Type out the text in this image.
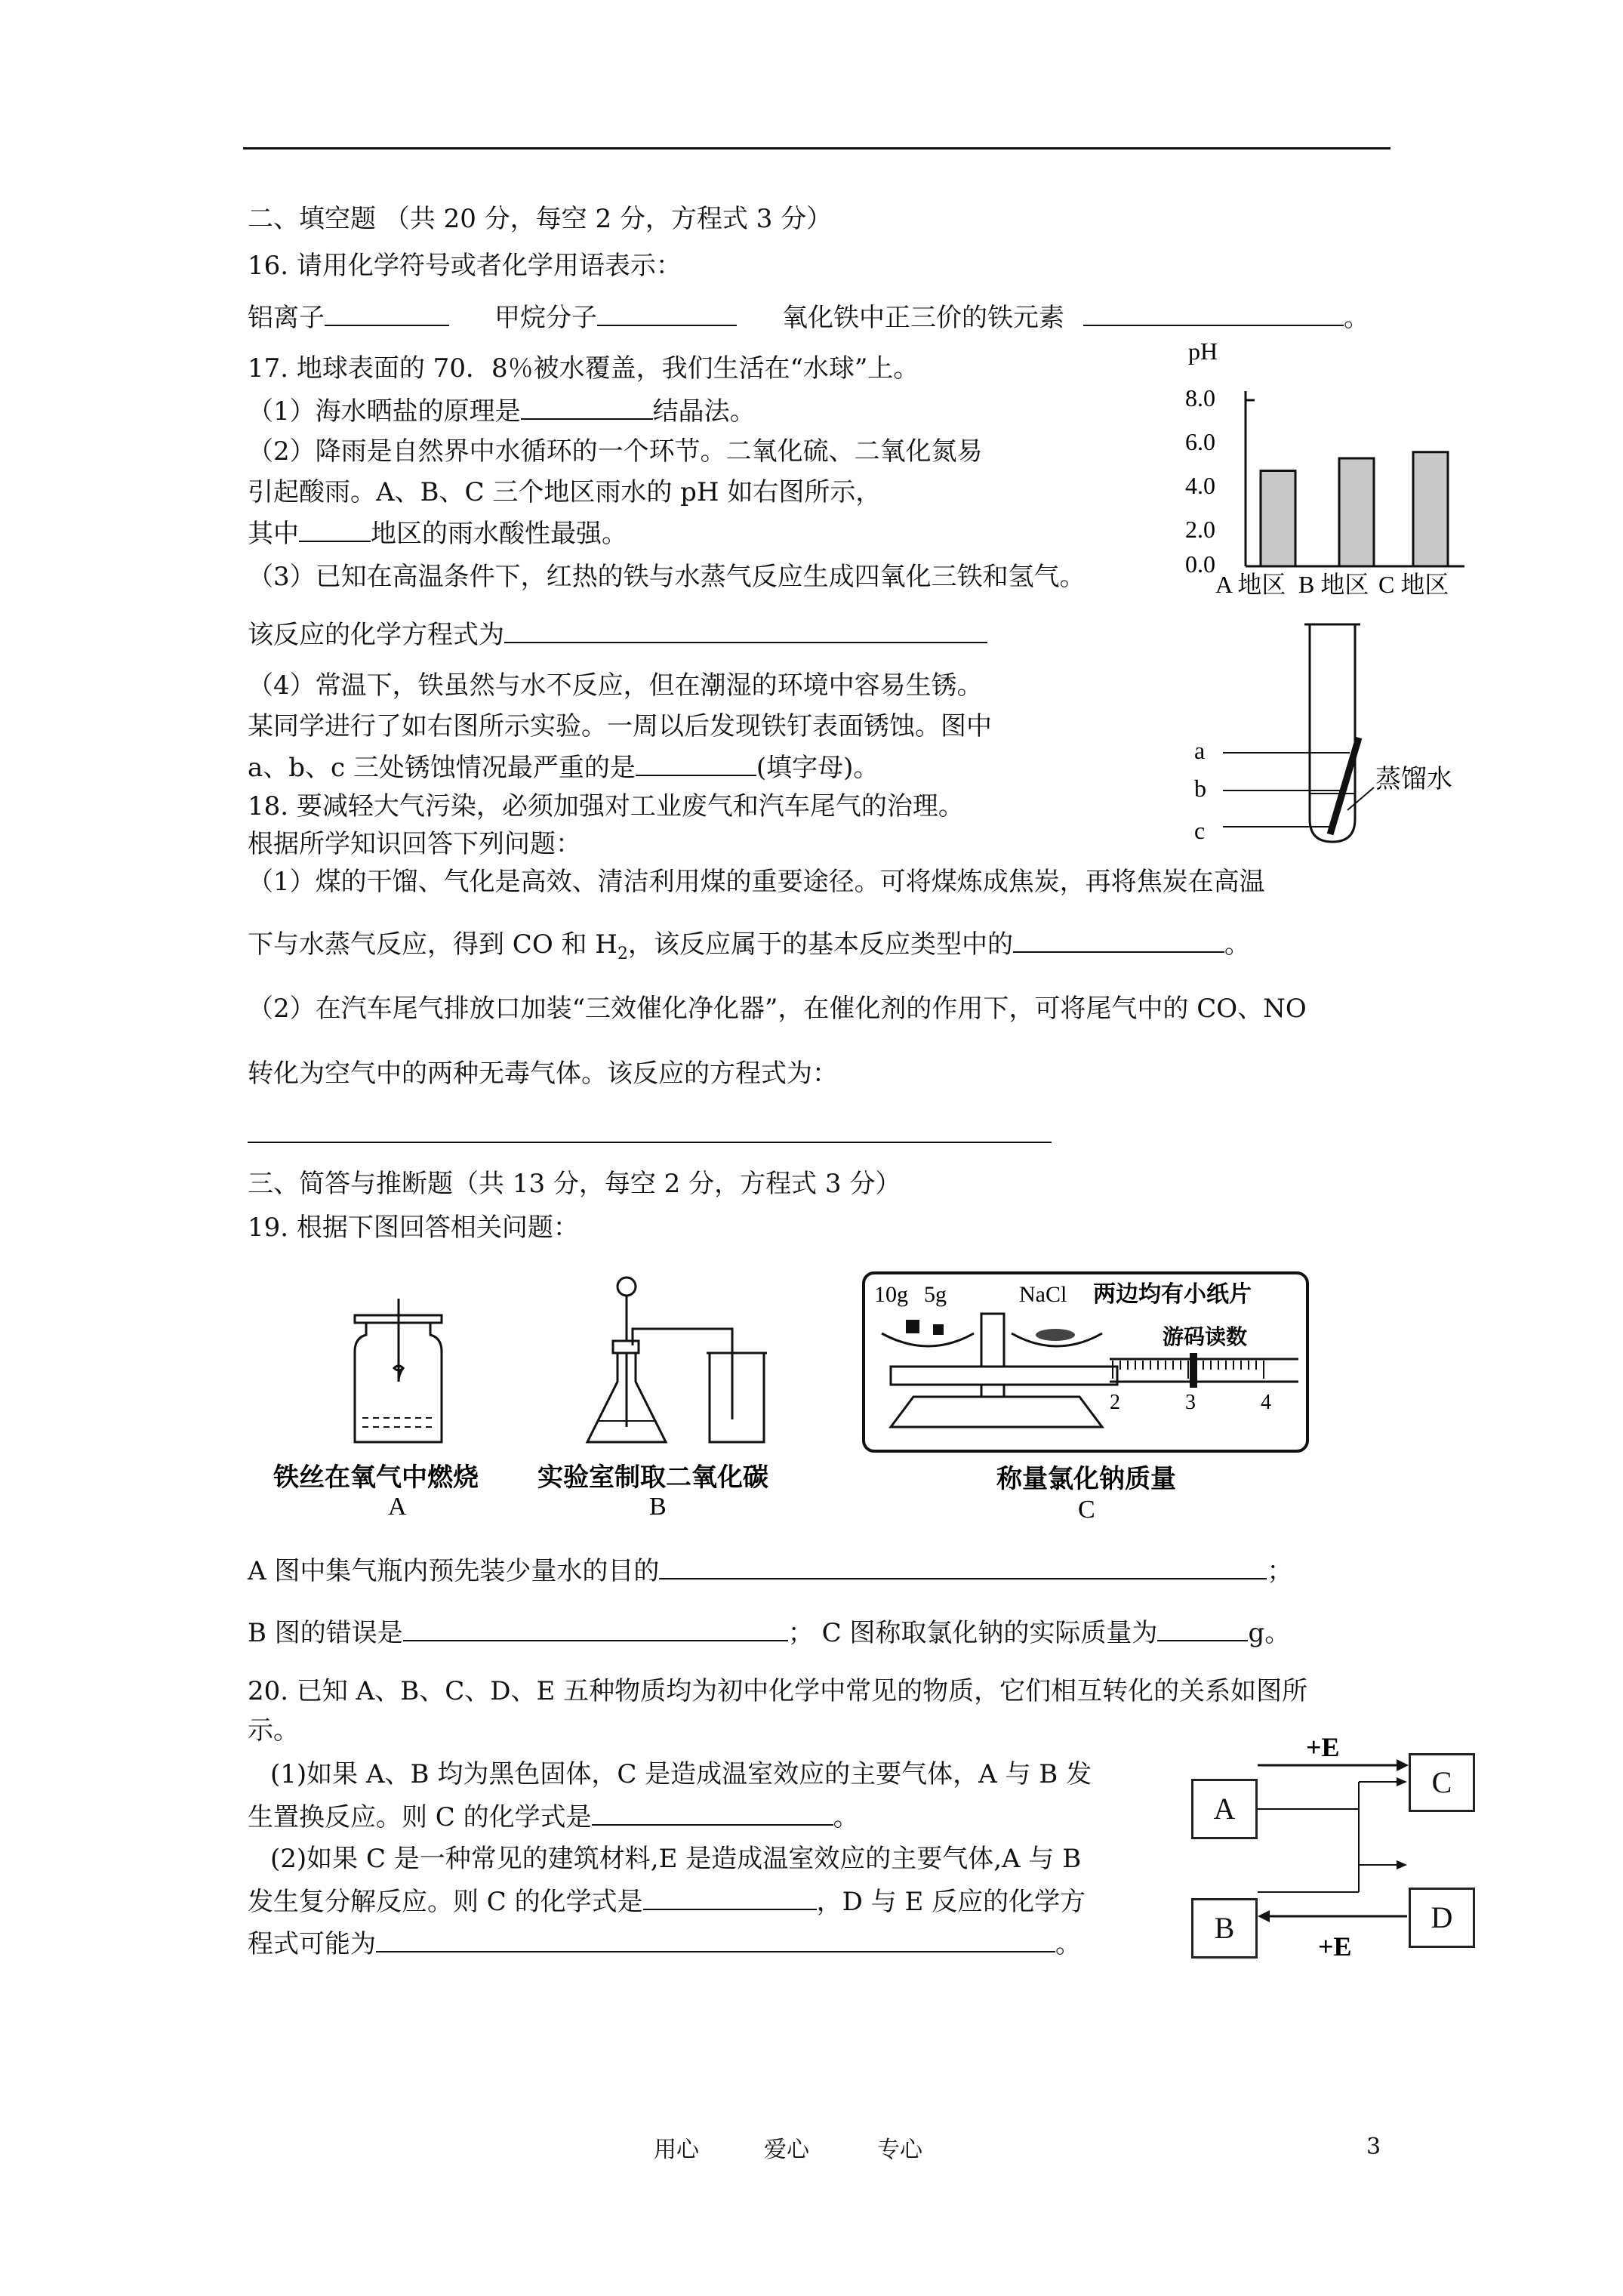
二、填空题 （共 20 分，每空 2 分，方程式 3 分）
16. 请用化学符号或者化学用语表示：
铝离子	甲烷分子	氧化铁中正三价的铁元素	。
17. 地球表面的 70．8％被水覆盖，我们生活在“水球”上。
（1）海水晒盐的原理是	结晶法。
（2）降雨是自然界中水循环的一个环节。二氧化硫、二氧化氮易
引起酸雨。A、B、C 三个地区雨水的 pH 如右图所示，
其中	地区的雨水酸性最强。
（3）已知在高温条件下，红热的铁与水蒸气反应生成四氧化三铁和氢气。
该反应的化学方程式为
（4）常温下，铁虽然与水不反应，但在潮湿的环境中容易生锈。
某同学进行了如右图所示实验。一周以后发现铁钉表面锈蚀。图中
a、b、c 三处锈蚀情况最严重的是	(填字母)。
pH
8.0
6.0
4.0
2.0
0.0
A 地区 B 地区 C 地区
a
b
c
蒸馏水
18. 要减轻大气污染，必须加强对工业废气和汽车尾气的治理。
根据所学知识回答下列问题：
（1）煤的干馏、气化是高效、清洁利用煤的重要途径。可将煤炼成焦炭，再将焦炭在高温
下与水蒸气反应，得到 CO 和 $H_2$，该反应属于的基本反应类型中的	。
（2）在汽车尾气排放口加装“三效催化净化器”，在催化剂的作用下，可将尾气中的 CO、NO
转化为空气中的两种无毒气体。该反应的方程式为：
三、简答与推断题（共 13 分，每空 2 分，方程式 3 分）
19. 根据下图回答相关问题：
铁丝在氧气中燃烧
A
实验室制取二氧化碳
B
10g 5g	NaCl 两边均有小纸片
游码读数
2	3	4
称量氯化钠质量
C
A 图中集气瓶内预先装少量水的目的	；
B 图的错误是	； C 图称取氯化钠的实际质量为	g。
20. 已知 A、B、C、D、E 五种物质均为初中化学中常见的物质，它们相互转化的关系如图所
示。
(1)如果 A、B 均为黑色固体，C 是造成温室效应的主要气体，A 与 B 发
生置换反应。则 C 的化学式是	。
(2)如果 C 是一种常见的建筑材料,E 是造成温室效应的主要气体,A 与 B
发生复分解反应。则 C 的化学式是	，D 与 E 反应的化学方
程式可能为	。
+E
+E
A
B
C
D
用心	爱心	专心	3
